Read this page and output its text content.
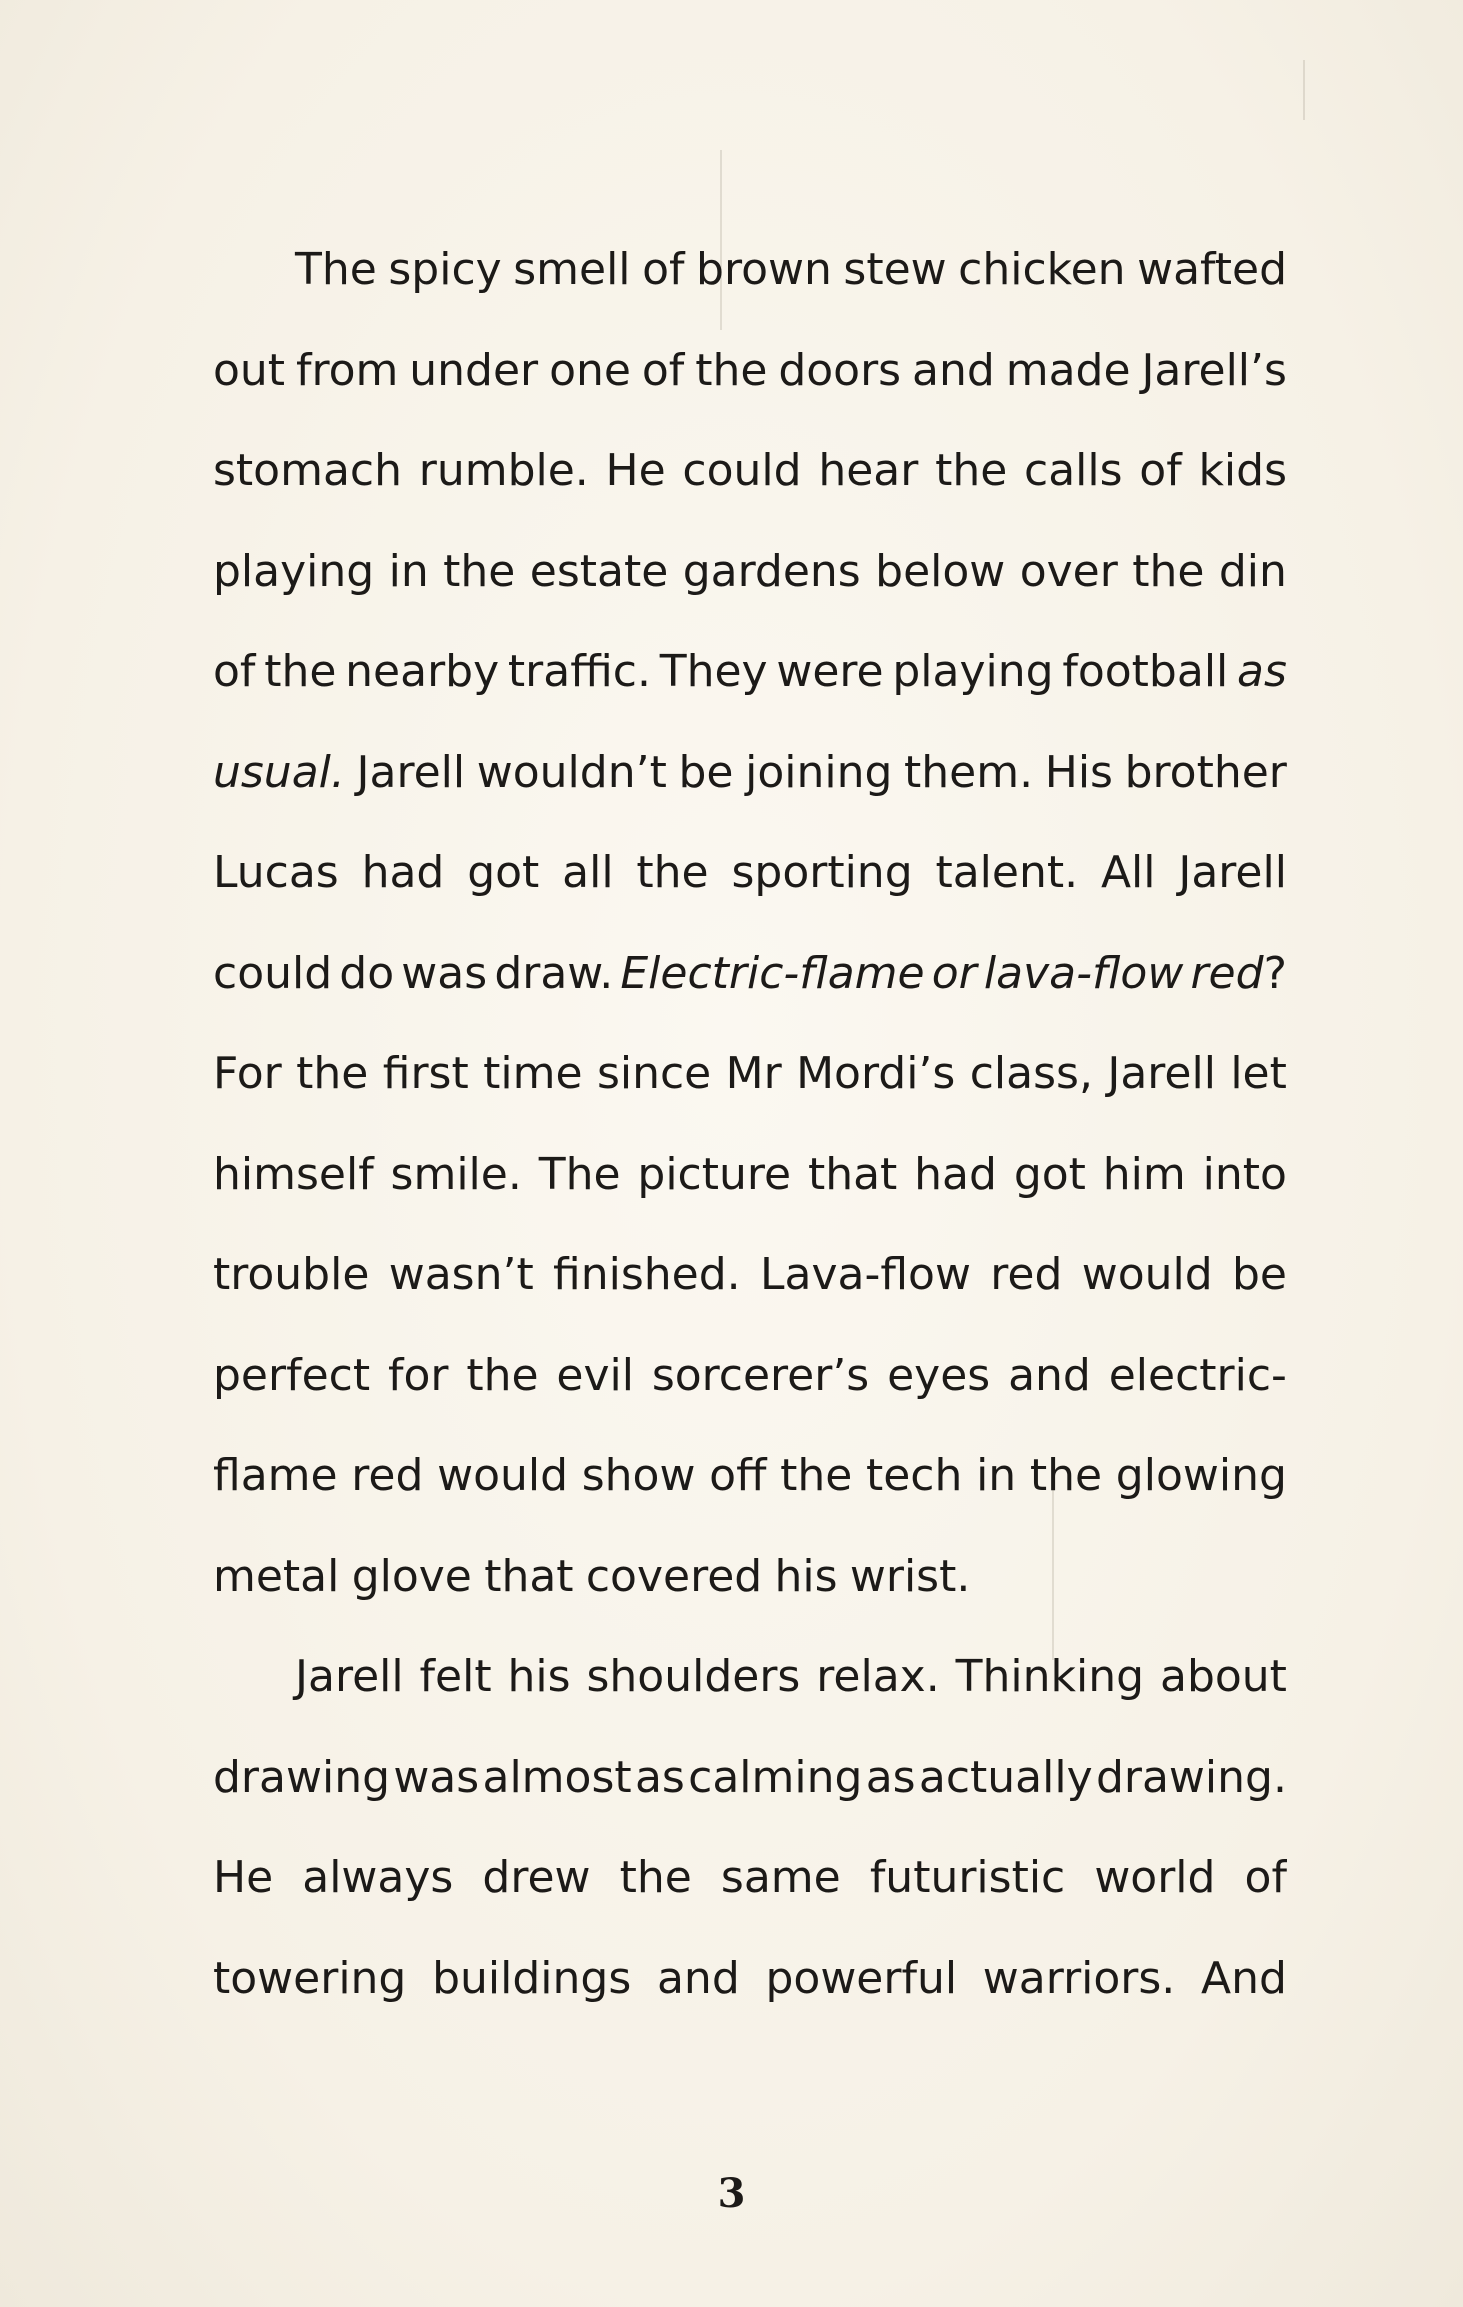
The spicy smell of brown stew chicken wafted
out from under one of the doors and made Jarell’s
stomach rumble. He could hear the calls of kids
playing in the estate gardens below over the din
of the nearby traffic. They were playing football as
usual. Jarell wouldn’t be joining them. His brother
Lucas had got all the sporting talent. All Jarell
could do was draw. Electric-flame or lava-flow red?
For the first time since Mr Mordi’s class, Jarell let
himself smile. The picture that had got him into
trouble wasn’t finished. Lava-flow red would be
perfect for the evil sorcerer’s eyes and electric-
flame red would show off the tech in the glowing
metal glove that covered his wrist.
Jarell felt his shoulders relax. Thinking about
drawing was almost as calming as actually drawing.
He always drew the same futuristic world of
towering buildings and powerful warriors. And
3
